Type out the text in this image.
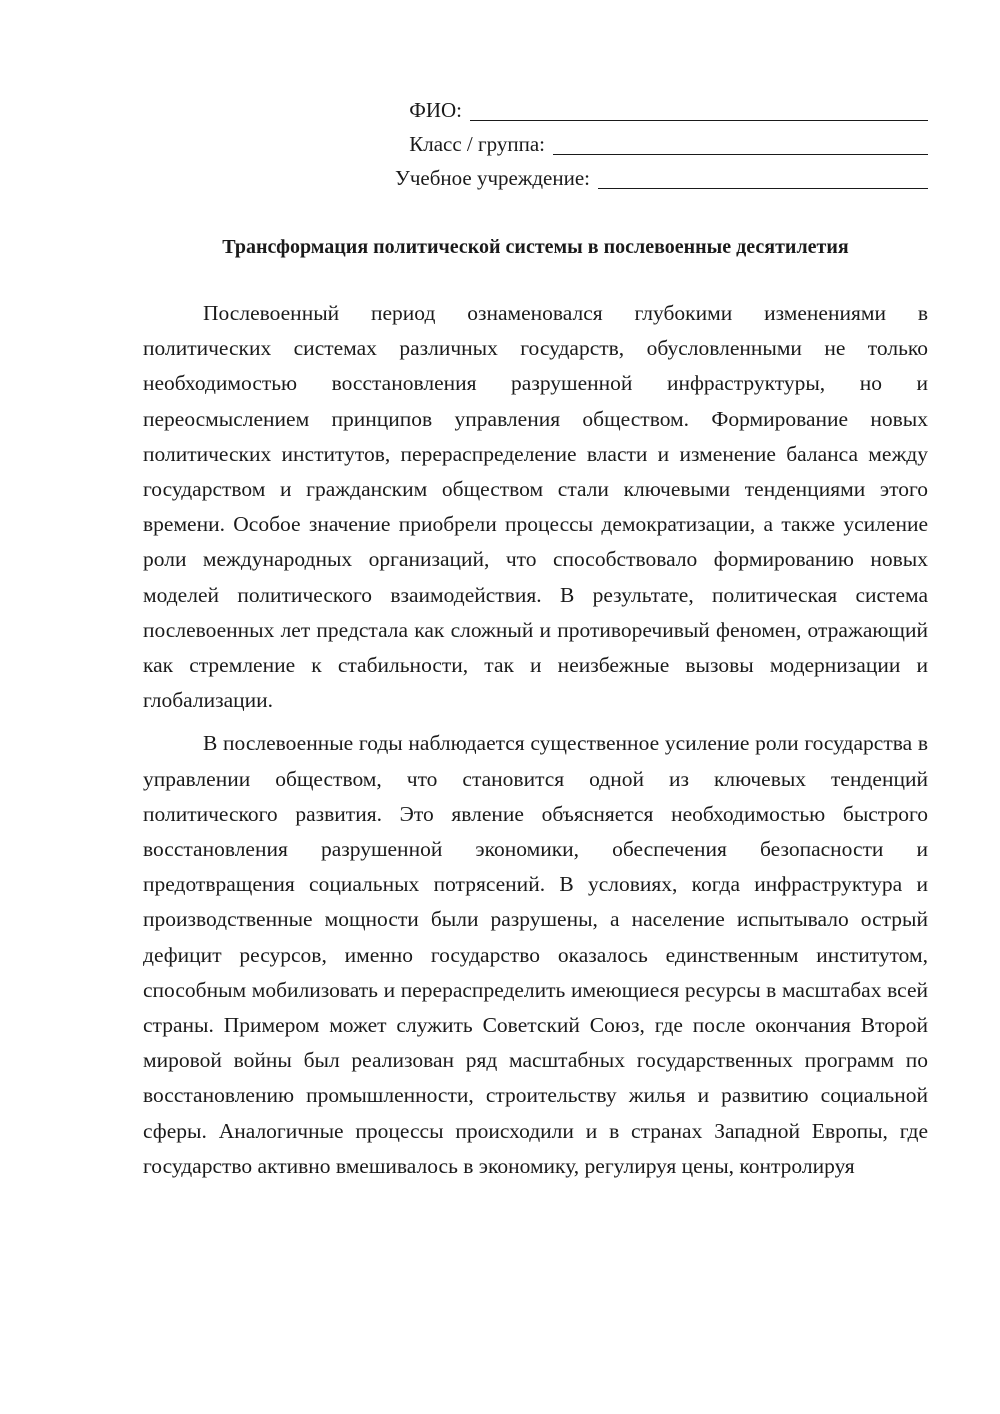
ФИО:
Класс / группа:
Учебное учреждение:
Трансформация политической системы в послевоенные десятилетия

Послевоенный период ознаменовался глубокими изменениями в политических системах различных государств, обусловленными не только необходимостью восстановления разрушенной инфраструктуры, но и переосмыслением принципов управления обществом. Формирование новых политических институтов, перераспределение власти и изменение баланса между государством и гражданским обществом стали ключевыми тенденциями этого времени. Особое значение приобрели процессы демократизации, а также усиление роли международных организаций, что способствовало формированию новых моделей политического взаимодействия. В результате, политическая система послевоенных лет предстала как сложный и противоречивый феномен, отражающий как стремление к стабильности, так и неизбежные вызовы модернизации и глобализации.

В послевоенные годы наблюдается существенное усиление роли государства в управлении обществом, что становится одной из ключевых тенденций политического развития. Это явление объясняется необходимостью быстрого восстановления разрушенной экономики, обеспечения безопасности и предотвращения социальных потрясений. В условиях, когда инфраструктура и производственные мощности были разрушены, а население испытывало острый дефицит ресурсов, именно государство оказалось единственным институтом, способным мобилизовать и перераспределить имеющиеся ресурсы в масштабах всей страны. Примером может служить Советский Союз, где после окончания Второй мировой войны был реализован ряд масштабных государственных программ по восстановлению промышленности, строительству жилья и развитию социальной сферы. Аналогичные процессы происходили и в странах Западной Европы, где государство активно вмешивалось в экономику, регулируя цены, контролируя
